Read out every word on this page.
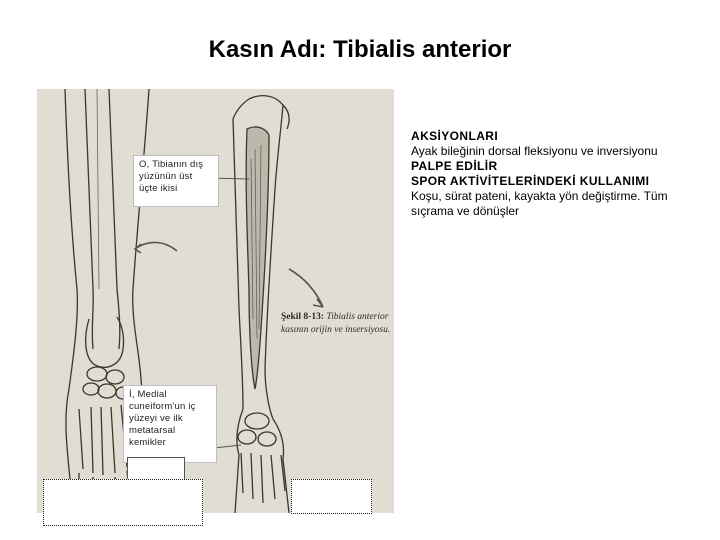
Kasın Adı: Tibialis anterior
O, Tibianın dış yüzünün üst üçte ikisi
İ, Medial cuneiform'un iç yüzeyi ve ilk metatarsal kemikler
Şekil 8-13: Tibialis anterior kasının orijin ve insersiyosu.

AKSİYONLARI

Ayak bileğinin dorsal fleksiyonu ve inversiyonu

PALPE EDİLİR

SPOR AKTİVİTELERİNDEKİ KULLANIMI

Koşu, sürat pateni, kayakta yön değiştirme. Tüm sıçrama ve dönüşler
